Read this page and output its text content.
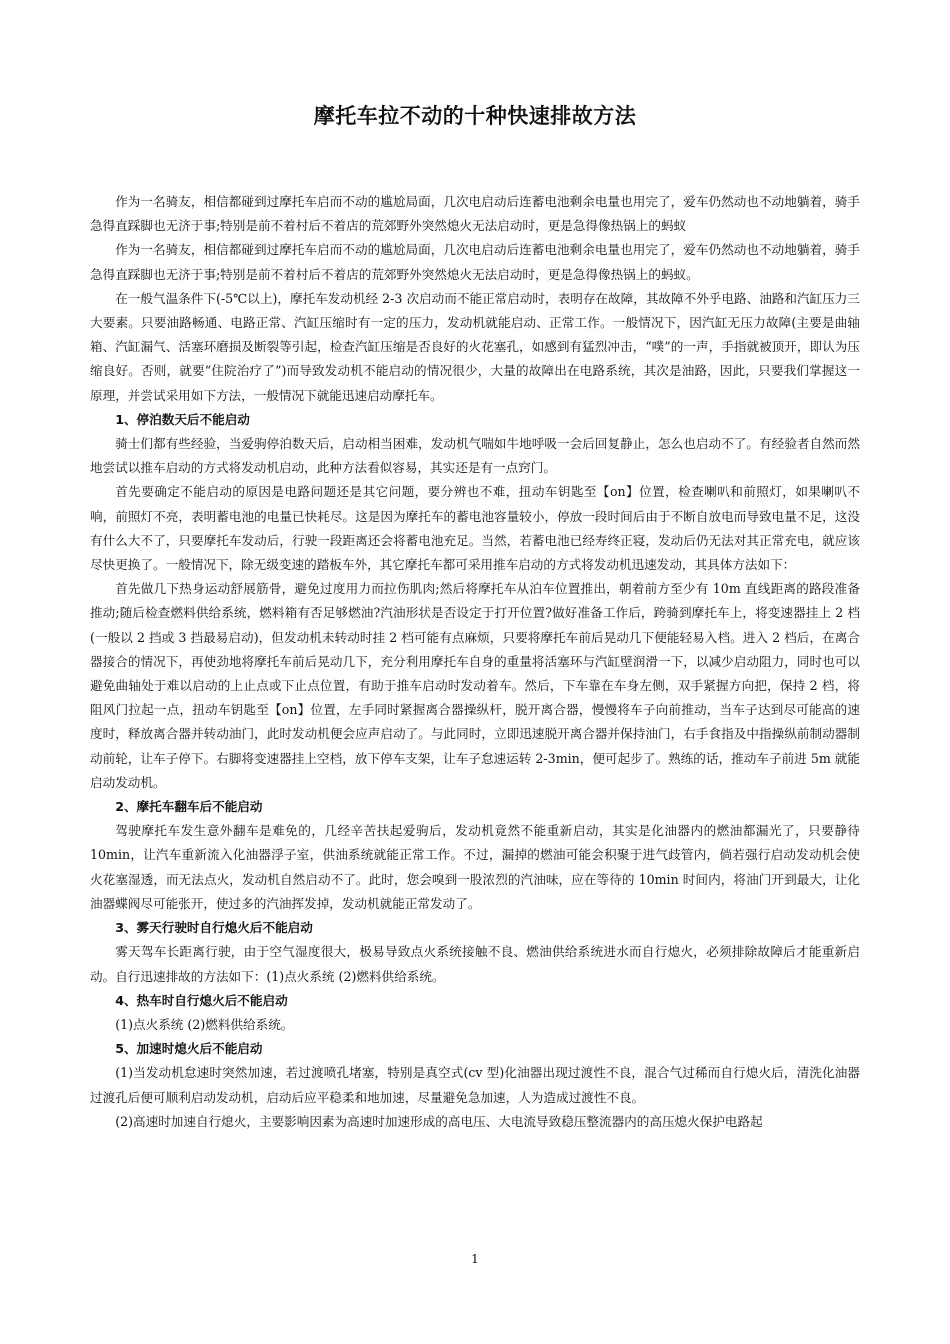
摩托车拉不动的十种快速排故方法

作为一名骑友，相信都碰到过摩托车启而不动的尴尬局面，几次电启动后连蓄电池剩余电量也用完了，爱车仍然动也不动地躺着，骑手急得直踩脚也无济于事;特别是前不着村后不着店的荒郊野外突然熄火无法启动时，更是急得像热锅上的蚂蚁

作为一名骑友，相信都碰到过摩托车启而不动的尴尬局面，几次电启动后连蓄电池剩余电量也用完了，爱车仍然动也不动地躺着，骑手急得直踩脚也无济于事;特别是前不着村后不着店的荒郊野外突然熄火无法启动时，更是急得像热锅上的蚂蚁。

在一般气温条件下(-5℃以上)，摩托车发动机经 2-3 次启动而不能正常启动时，表明存在故障，其故障不外乎电路、油路和汽缸压力三大要素。只要油路畅通、电路正常、汽缸压缩时有一定的压力，发动机就能启动、正常工作。一般情况下，因汽缸无压力故障(主要是曲轴箱、汽缸漏气、活塞环磨损及断裂等引起，检查汽缸压缩是否良好的火花塞孔，如感到有猛烈冲击，“噗”的一声，手指就被顶开，即认为压缩良好。否则，就要“住院治疗了”)而导致发动机不能启动的情况很少，大量的故障出在电路系统，其次是油路，因此，只要我们掌握这一原理，并尝试采用如下方法，一般情况下就能迅速启动摩托车。

1、停泊数天后不能启动

骑士们都有些经验，当爱驹停泊数天后，启动相当困难，发动机气喘如牛地呼吸一会后回复静止，怎么也启动不了。有经验者自然而然地尝试以推车启动的方式将发动机启动，此种方法看似容易，其实还是有一点窍门。

首先要确定不能启动的原因是电路问题还是其它问题，要分辨也不难，扭动车钥匙至【on】位置，检查喇叭和前照灯，如果喇叭不响，前照灯不亮，表明蓄电池的电量已快耗尽。这是因为摩托车的蓄电池容量较小，停放一段时间后由于不断自放电而导致电量不足，这没有什么大不了，只要摩托车发动后，行驶一段距离还会将蓄电池充足。当然，若蓄电池已经寿终正寝，发动后仍无法对其正常充电，就应该尽快更换了。一般情况下，除无级变速的踏板车外，其它摩托车都可采用推车启动的方式将发动机迅速发动，其具体方法如下：

首先做几下热身运动舒展筋骨，避免过度用力而拉伤肌肉;然后将摩托车从泊车位置推出，朝着前方至少有 10m 直线距离的路段准备推动;随后检查燃料供给系统，燃料箱有否足够燃油?汽油形状是否设定于打开位置?做好准备工作后，跨骑到摩托车上，将变速器挂上 2 档(一般以 2 挡或 3 挡最易启动)，但发动机未转动时挂 2 档可能有点麻烦，只要将摩托车前后晃动几下便能轻易入档。进入 2 档后，在离合器接合的情况下，再使劲地将摩托车前后晃动几下，充分利用摩托车自身的重量将活塞环与汽缸壁润滑一下，以减少启动阻力，同时也可以避免曲轴处于难以启动的上止点或下止点位置，有助于推车启动时发动着车。然后，下车靠在车身左侧，双手紧握方向把，保持 2 档，将阻风门拉起一点，扭动车钥匙至【on】位置，左手同时紧握离合器操纵杆，脱开离合器，慢慢将车子向前推动，当车子达到尽可能高的速度时，释放离合器并转动油门，此时发动机便会应声启动了。与此同时，立即迅速脱开离合器并保持油门，右手食指及中指操纵前制动器制动前轮，让车子停下。右脚将变速器挂上空档，放下停车支架，让车子怠速运转 2-3min，便可起步了。熟练的话，推动车子前进 5m 就能启动发动机。

2、摩托车翻车后不能启动

驾驶摩托车发生意外翻车是难免的，几经辛苦扶起爱驹后，发动机竟然不能重新启动，其实是化油器内的燃油都漏光了，只要静待 10min，让汽车重新流入化油器浮子室，供油系统就能正常工作。不过，漏掉的燃油可能会积聚于进气歧管内，倘若强行启动发动机会使火花塞湿透，而无法点火，发动机自然启动不了。此时，您会嗅到一股浓烈的汽油味，应在等待的 10min 时间内，将油门开到最大，让化油器蝶阀尽可能张开，使过多的汽油挥发掉，发动机就能正常发动了。

3、雾天行驶时自行熄火后不能启动

雾天驾车长距离行驶，由于空气湿度很大，极易导致点火系统接触不良、燃油供给系统进水而自行熄火，必须排除故障后才能重新启动。自行迅速排故的方法如下：(1)点火系统 (2)燃料供给系统。

4、热车时自行熄火后不能启动

(1)点火系统 (2)燃料供给系统。

5、加速时熄火后不能启动

(1)当发动机怠速时突然加速，若过渡喷孔堵塞，特别是真空式(cv 型)化油器出现过渡性不良，混合气过稀而自行熄火后，清洗化油器过渡孔后便可顺利启动发动机，启动后应平稳柔和地加速，尽量避免急加速，人为造成过渡性不良。

(2)高速时加速自行熄火，主要影响因素为高速时加速形成的高电压、大电流导致稳压整流器内的高压熄火保护电路起

1
